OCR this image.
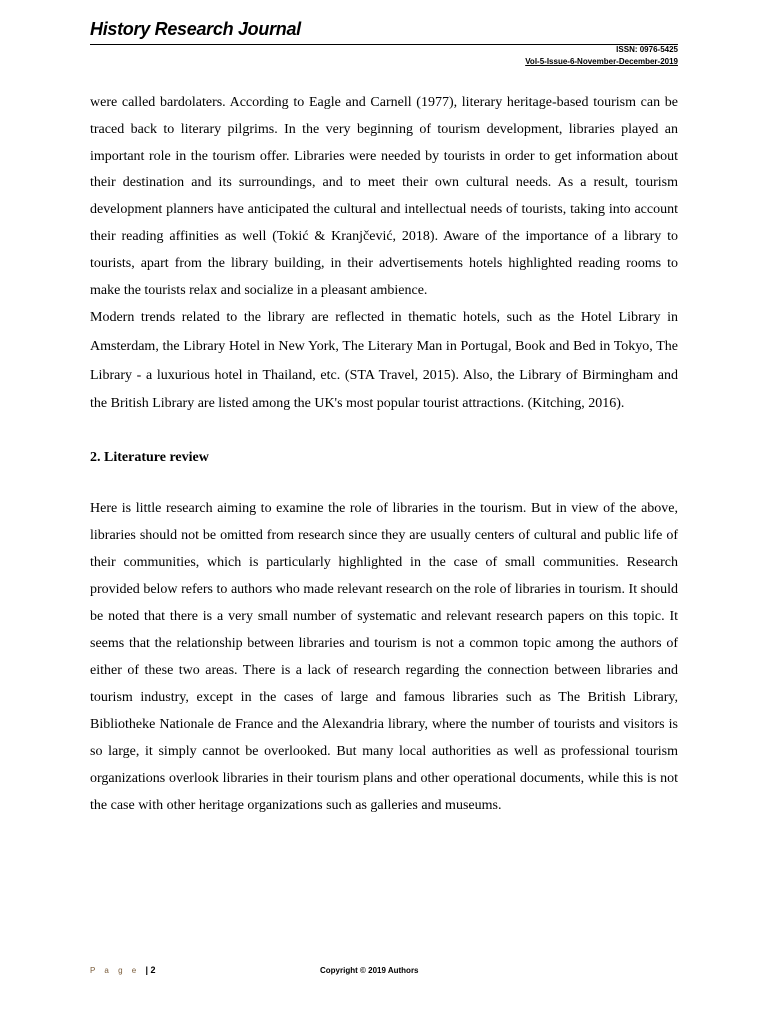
History Research Journal
ISSN: 0976-5425
Vol-5-Issue-6-November-December-2019

were called bardolaters. According to Eagle and Carnell (1977), literary heritage-based tourism can be traced back to literary pilgrims. In the very beginning of tourism development, libraries played an important role in the tourism offer. Libraries were needed by tourists in order to get information about their destination and its surroundings, and to meet their own cultural needs. As a result, tourism development planners have anticipated the cultural and intellectual needs of tourists, taking into account their reading affinities as well (Tokić & Kranjčević, 2018). Aware of the importance of a library to tourists, apart from the library building, in their advertisements hotels highlighted reading rooms to make the tourists relax and socialize in a pleasant ambience.

Modern trends related to the library are reflected in thematic hotels, such as the Hotel Library in Amsterdam, the Library Hotel in New York, The Literary Man in Portugal, Book and Bed in Tokyo, The Library - a luxurious hotel in Thailand, etc. (STA Travel, 2015). Also, the Library of Birmingham and the British Library are listed among the UK's most popular tourist attractions. (Kitching, 2016).

2. Literature review

Here is little research aiming to examine the role of libraries in the tourism. But in view of the above, libraries should not be omitted from research since they are usually centers of cultural and public life of their communities, which is particularly highlighted in the case of small communities. Research provided below refers to authors who made relevant research on the role of libraries in tourism. It should be noted that there is a very small number of systematic and relevant research papers on this topic. It seems that the relationship between libraries and tourism is not a common topic among the authors of either of these two areas. There is a lack of research regarding the connection between libraries and tourism industry, except in the cases of large and famous libraries such as The British Library, Bibliotheke Nationale de France and the Alexandria library, where the number of tourists and visitors is so large, it simply cannot be overlooked. But many local authorities as well as professional tourism organizations overlook libraries in their tourism plans and other operational documents, while this is not the case with other heritage organizations such as galleries and museums.

P a g e | 2	Copyright © 2019 Authors
